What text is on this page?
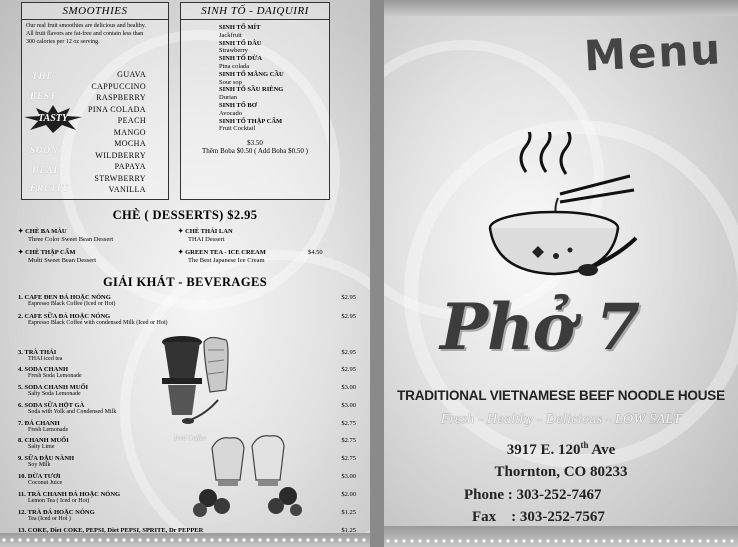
SMOOTHIES
Our real fruit smoothies are delicious and healthy.
All fruit flavors are fat-free and contain less than
300 calories per 12 oz serving.
THE
BEST
SOON
DEAL
FRUITY
TASTY
GUAVA
CAPPUCCINO
RASPBERRY
PINA COLADA
PEACH
MANGO
MOCHA
WILDBERRY
PAPAYA
STRWBERRY
VANILLA
SINH TỐ - DAIQUIRI
SINH TỐ MÍT
Jackfruit
SINH TỐ DÂU
Strawberry
SINH TỐ DỪA
Pina colada
SINH TỐ MÃNG CẦU
Sour sop
SINH TỐ SẦU RIÊNG
Durian
SINH TỐ BƠ
Avocado
SINH TỐ THẬP CẨM
Fruit Cocktail
$3.50
Thêm Boba $0.50 ( Add Boba $0.50 )
CHÈ ( DESSERTS) $2.95
✦ CHÈ BA MÀU
Three Color Sweet Bean Dessert
✦ CHÈ THÁI LAN
THAI Dessert
✦ CHÈ THẬP CẨM
Multi Sweet Bean Dessert
✦ GREEN TEA - ICE CREAM
The Best Japanese Ice Cream
$4.50
GIẢI KHÁT - BEVERAGES
1. CAFE ĐEN ĐÁ HOẶC NÓNG
Espresso Black Coffee (Iced or Hot)
$2.95
2. CAFE SỮA ĐÁ HOẶC NÓNG
Espresso Black Coffee with condensed Milk (Iced or Hot)
$2.95
3. TRÀ THÁI
THAI iced tea
$2.95
4. SODA CHANH
Fresh Soda Lemonade
$2.95
5. SODA CHANH MUỐI
Salty Soda Lemonade
$3.00
6. SODA SỮA HỘT GÀ
Soda with Yolk and Condensed Milk
$3.00
7. ĐÁ CHANH
Fresh Lemonade
$2.75
8. CHANH MUỐI
Salty Lime
$2.75
9. SỮA ĐẬU NÀNH
Soy Milk
$2.75
10. DỪA TƯƠI
Coconut Juice
$3.00
11. TRÀ CHANH ĐÁ HOẶC NÓNG
Lemon Tea ( Iced or Hot)
$2.00
12. TRÀ ĐÁ HOẶC NÓNG
Tea (Iced or Hot )
$1.25
13. COKE, Diet COKE, PEPSI, Diet PEPSI, SPRITE, Dr PEPPER	$1.25
Iced Coffee
Menu
Phở 7
TRADITIONAL VIETNAMESE BEEF NOODLE HOUSE
Fresh - Healthy - Delicious - LOW SALT
3917 E. 120th Ave
Thornton, CO 80233
Phone : 303-252-7467
Fax    : 303-252-7567
